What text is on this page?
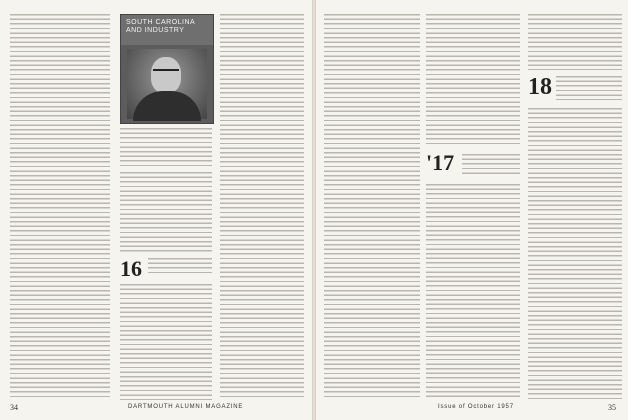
SOUTH CAROLINA AND INDUSTRY
16
34	DARTMOUTH ALUMNI MAGAZINE
'17
18
Issue of October 1957	35
